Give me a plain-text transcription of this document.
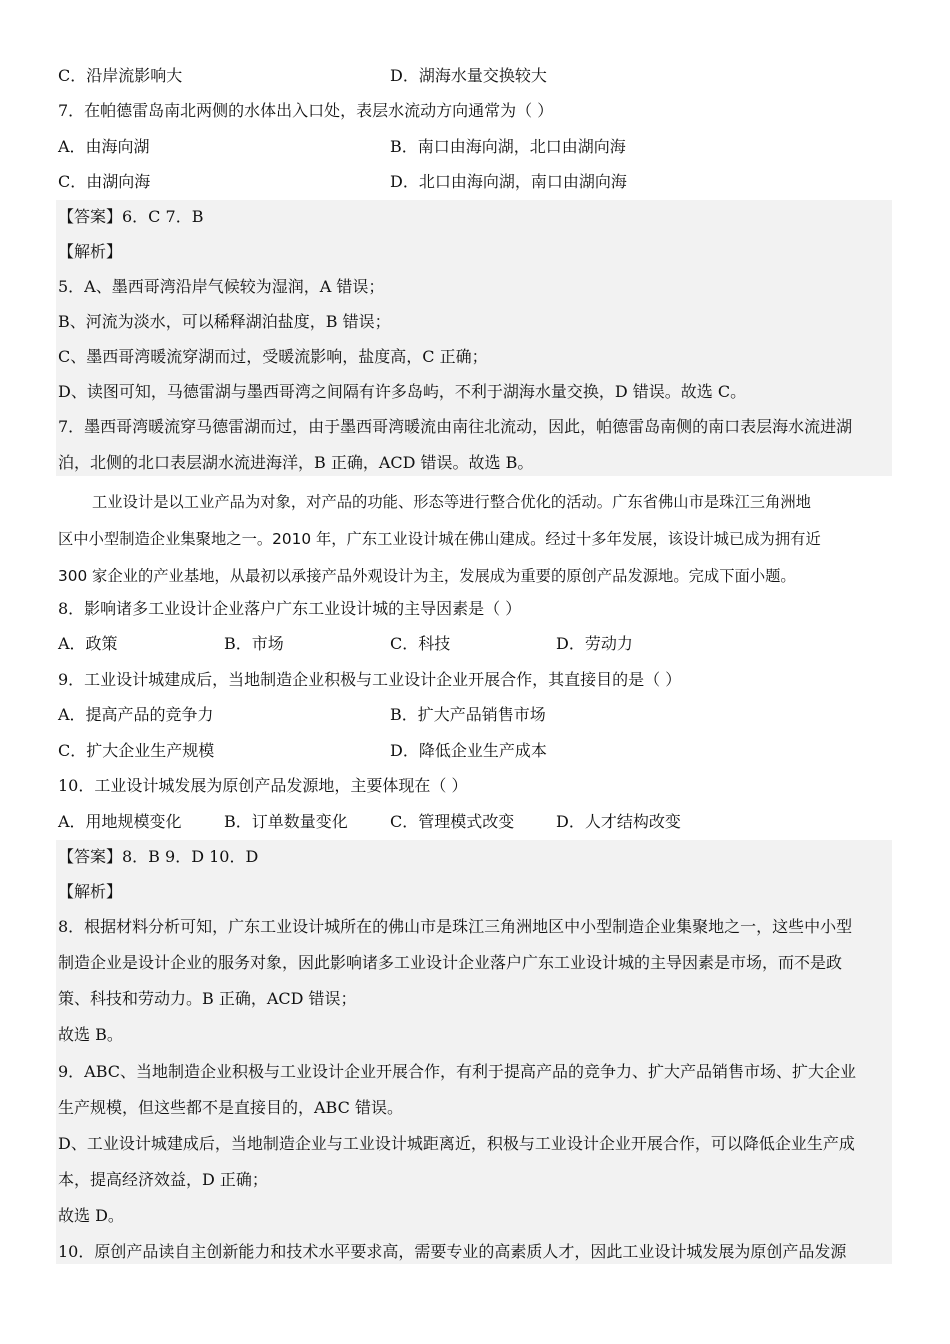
C．沿岸流影响大	D．湖海水量交换较大
7．在帕德雷岛南北两侧的水体出入口处，表层水流动方向通常为（ ）
A．由海向湖	B．南口由海向湖，北口由湖向海
C．由湖向海	D．北口由海向湖，南口由湖向海
【答案】6．C 7．B
【解析】
5．A、墨西哥湾沿岸气候较为湿润，A 错误；
B、河流为淡水，可以稀释湖泊盐度，B 错误；
C、墨西哥湾暖流穿湖而过，受暖流影响，盐度高，C 正确；
D、读图可知，马德雷湖与墨西哥湾之间隔有许多岛屿，不利于湖海水量交换，D 错误。故选 C。
7．墨西哥湾暖流穿马德雷湖而过，由于墨西哥湾暖流由南往北流动，因此，帕德雷岛南侧的南口表层海水流进湖
泊，北侧的北口表层湖水流进海洋，B 正确，ACD 错误。故选 B。
工业设计是以工业产品为对象，对产品的功能、形态等进行整合优化的活动。广东省佛山市是珠江三角洲地
区中小型制造企业集聚地之一。2010 年，广东工业设计城在佛山建成。经过十多年发展，该设计城已成为拥有近
300 家企业的产业基地，从最初以承接产品外观设计为主，发展成为重要的原创产品发源地。完成下面小题。
8．影响诸多工业设计企业落户广东工业设计城的主导因素是（ ）
A．政策	B．市场	C．科技	D．劳动力
9．工业设计城建成后，当地制造企业积极与工业设计企业开展合作，其直接目的是（ ）
A．提高产品的竞争力	B．扩大产品销售市场
C．扩大企业生产规模	D．降低企业生产成本
10．工业设计城发展为原创产品发源地，主要体现在（ ）
A．用地规模变化	B．订单数量变化	C．管理模式改变	D．人才结构改变
【答案】8．B 9．D 10．D
【解析】
8．根据材料分析可知，广东工业设计城所在的佛山市是珠江三角洲地区中小型制造企业集聚地之一，这些中小型
制造企业是设计企业的服务对象，因此影响诸多工业设计企业落户广东工业设计城的主导因素是市场，而不是政
策、科技和劳动力。B 正确，ACD 错误；
故选 B。
9．ABC、当地制造企业积极与工业设计企业开展合作，有利于提高产品的竞争力、扩大产品销售市场、扩大企业
生产规模，但这些都不是直接目的，ABC 错误。
D、工业设计城建成后，当地制造企业与工业设计城距离近，积极与工业设计企业开展合作，可以降低企业生产成
本，提高经济效益，D 正确；
故选 D。
10．原创产品读自主创新能力和技术水平要求高，需要专业的高素质人才，因此工业设计城发展为原创产品发源
